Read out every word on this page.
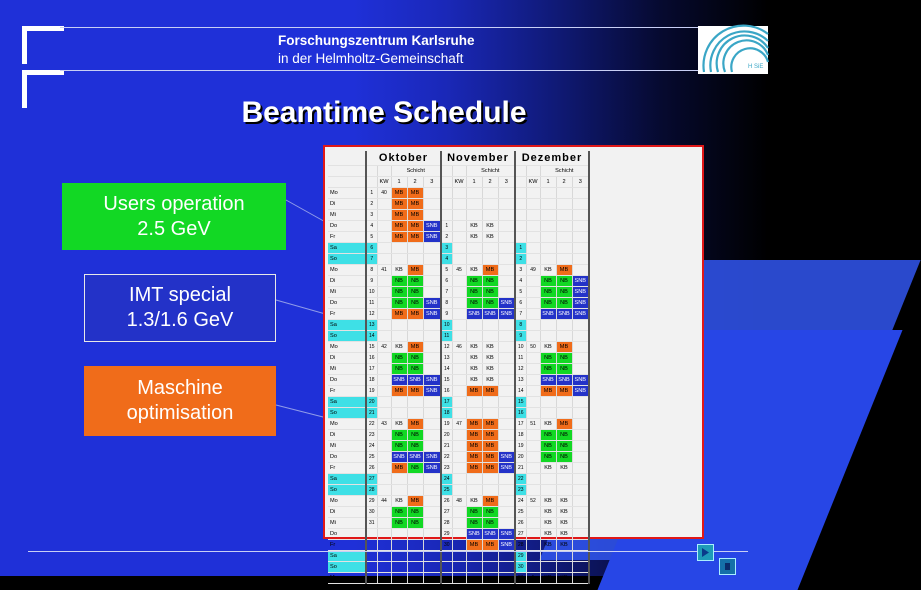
Forschungszentrum Karlsruhe
in der Helmholtz-Gemeinschaft
H SiE
Beamtime Schedule
Users operation
2.5 GeV
IMT special
1.3/1.6 GeV
Maschine
optimisation
	Oktober					November					Dezember				
			Schicht					Schicht					Schicht		
		KW	1	2	3		KW	1	2	3		KW	1	2	3
Mo	1	40	MB	MB											
Di	2		MB	MB											
Mi	3		MB	MB											
Do	4		MB	MB	SNB	1		KB	KB						
Fr	5		MB	MB	SNB	2		KB	KB						
Sa	6					3					1				
So	7					4					2				
Mo	8	41	KB	MB		5	45	KB	MB		3	49	KB	MB	
Di	9		NB	NB		6		NB	NB		4		NB	NB	SNB
Mi	10		NB	NB		7		NB	NB		5		NB	NB	SNB
Do	11		NB	NB	SNB	8		NB	NB	SNB	6		NB	NB	SNB
Fr	12		MB	MB	SNB	9		SNB	SNB	SNB	7		SNB	SNB	SNB
Sa	13					10					8				
So	14					11					9				
Mo	15	42	KB	MB		12	46	KB	KB		10	50	KB	MB	
Di	16		NB	NB		13		KB	KB		11		NB	NB	
Mi	17		NB	NB		14		KB	KB		12		NB	NB	
Do	18		SNB	SNB	SNB	15		KB	KB		13		SNB	SNB	SNB
Fr	19		MB	MB	SNB	16		MB	MB		14		MB	MB	SNB
Sa	20					17					15				
So	21					18					16				
Mo	22	43	KB	MB		19	47	MB	MB		17	51	KB	MB	
Di	23		NB	NB		20		MB	MB		18		NB	NB	
Mi	24		NB	NB		21		MB	MB		19		NB	NB	
Do	25		SNB	SNB	SNB	22		MB	MB	SNB	20		NB	NB	
Fr	26		MB	NB	SNB	23		MB	MB	SNB	21		KB	KB	
Sa	27					24					22				
So	28					25					23				
Mo	29	44	KB	MB		26	48	KB	MB		24	52	KB	KB	
Di	30		NB	NB		27		NB	NB		25		KB	KB	
Mi	31		NB	NB		28		NB	NB		26		KB	KB	
Do						29		SNB	SNB	SNB	27		KB	KB	
Fr						30		MB	MB	SNB	28		KB	KB	
Sa											29				
So											30				
Mo											31	1	KB	KB	
